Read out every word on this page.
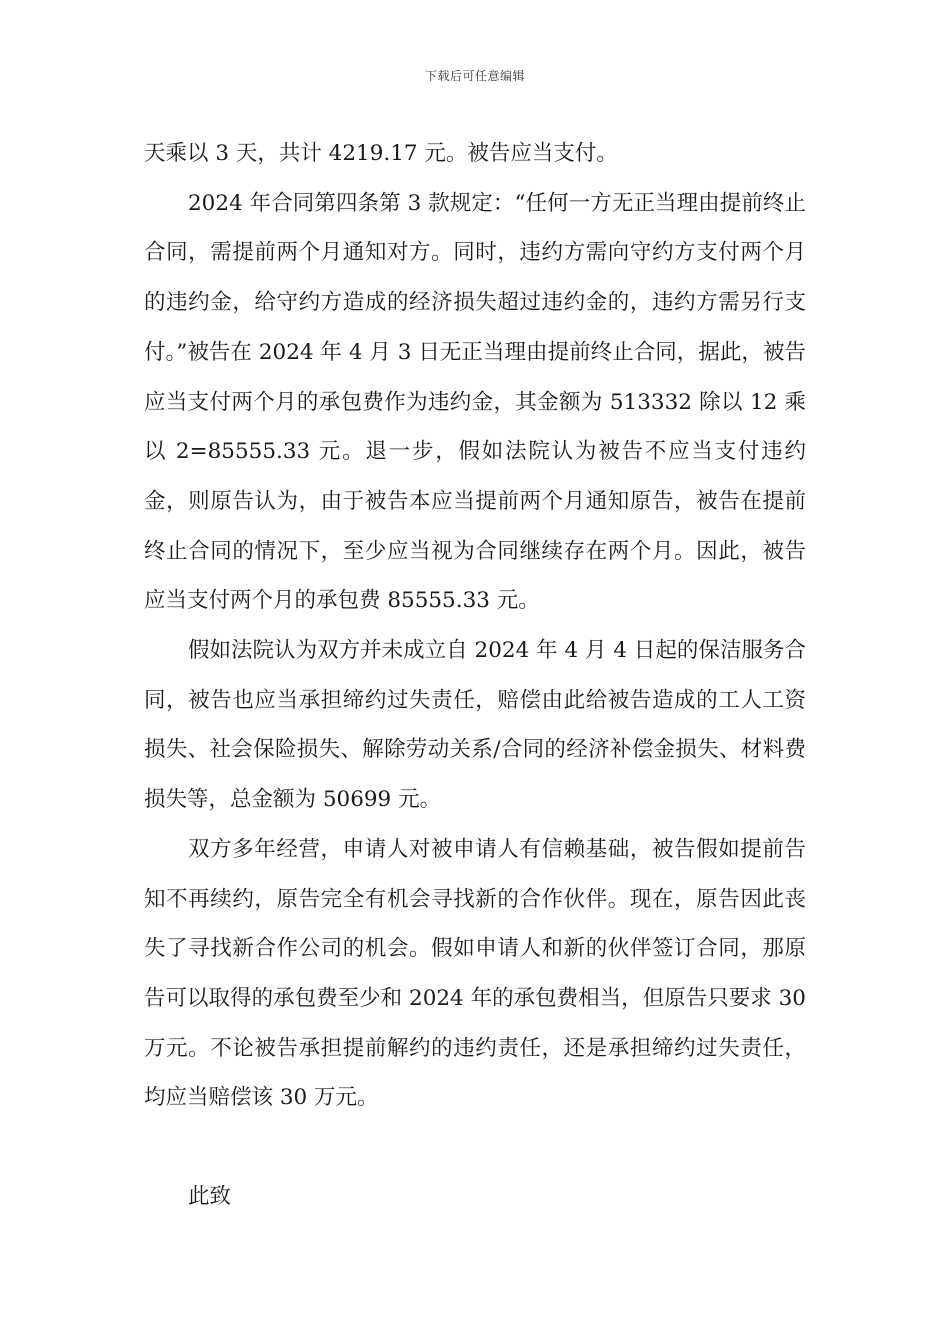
下载后可任意编辑

天乘以 3 天，共计 4219.17 元。被告应当支付。

2024 年合同第四条第 3 款规定：“任何一方无正当理由提前终止合同，需提前两个月通知对方。同时，违约方需向守约方支付两个月的违约金，给守约方造成的经济损失超过违约金的，违约方需另行支付。”被告在 2024 年 4 月 3 日无正当理由提前终止合同，据此，被告应当支付两个月的承包费作为违约金，其金额为 513332 除以 12 乘以 2=85555.33 元。退一步，假如法院认为被告不应当支付违约金，则原告认为，由于被告本应当提前两个月通知原告，被告在提前终止合同的情况下，至少应当视为合同继续存在两个月。因此，被告应当支付两个月的承包费 85555.33 元。

假如法院认为双方并未成立自 2024 年 4 月 4 日起的保洁服务合同，被告也应当承担缔约过失责任，赔偿由此给被告造成的工人工资损失、社会保险损失、解除劳动关系/合同的经济补偿金损失、材料费损失等，总金额为 50699 元。

双方多年经营，申请人对被申请人有信赖基础，被告假如提前告知不再续约，原告完全有机会寻找新的合作伙伴。现在，原告因此丧失了寻找新合作公司的机会。假如申请人和新的伙伴签订合同，那原告可以取得的承包费至少和 2024 年的承包费相当，但原告只要求 30 万元。不论被告承担提前解约的违约责任，还是承担缔约过失责任，均应当赔偿该 30 万元。

此致
